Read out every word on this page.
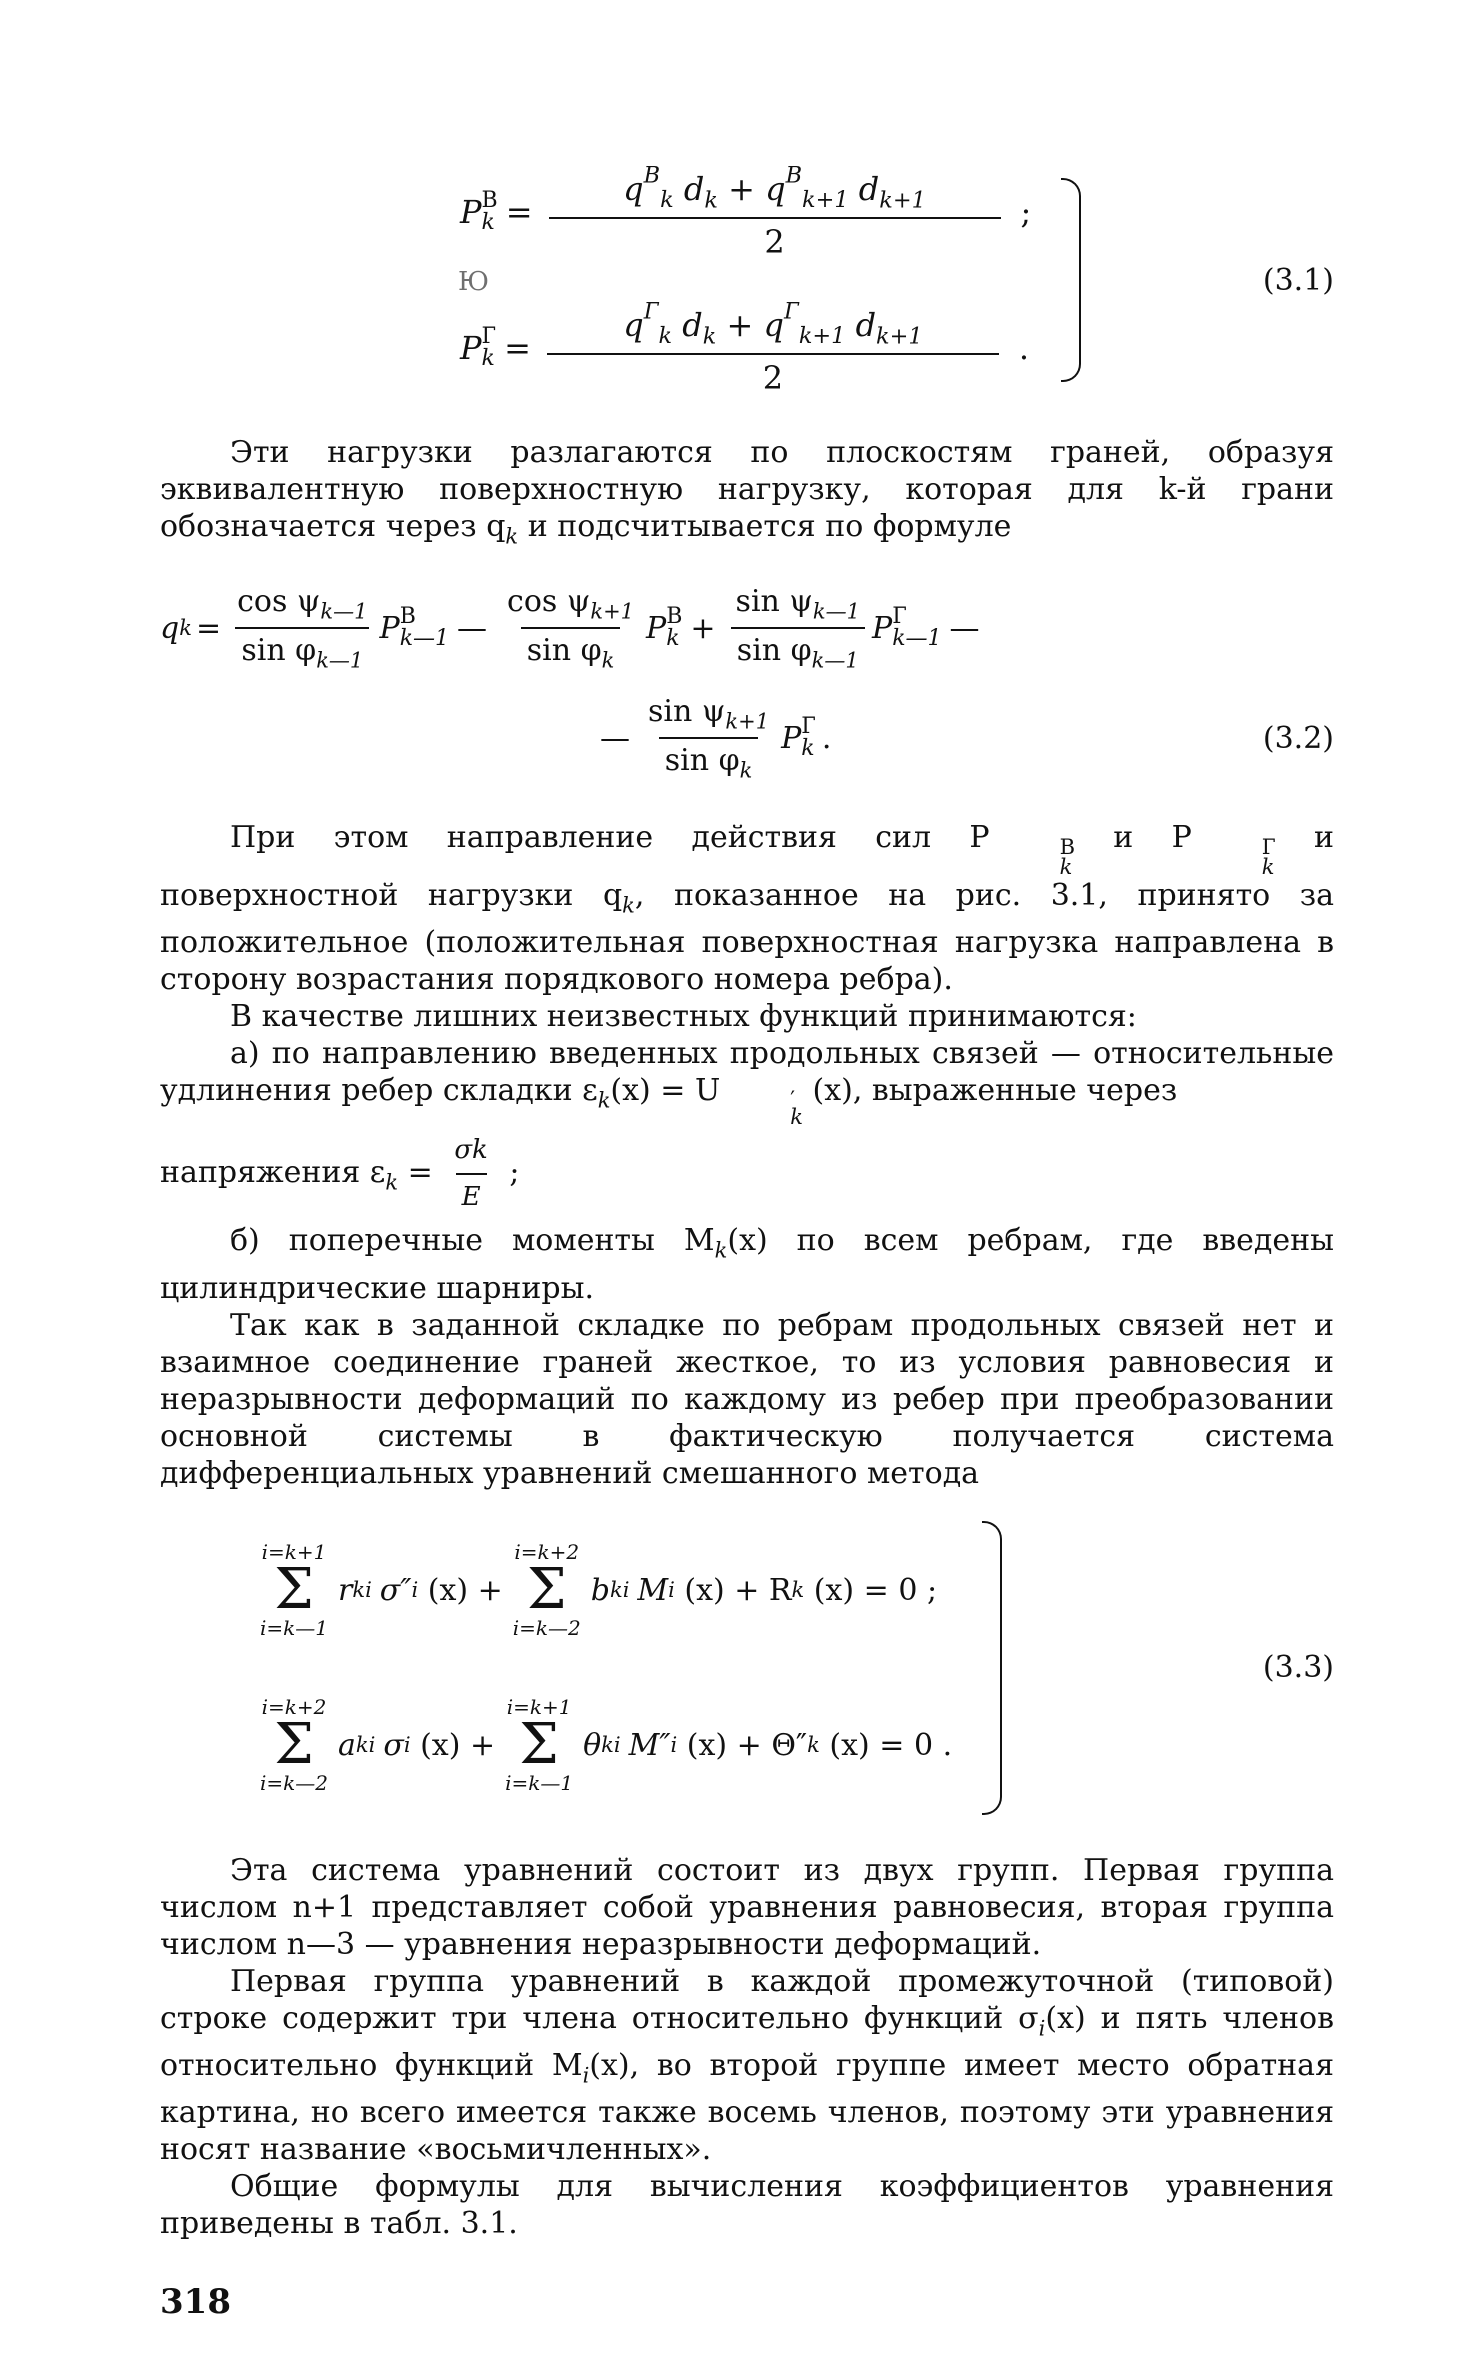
P В
k =
$q_{Вk}$ $d_k + q_{Вk+1}$ $d_{k+1}$
2
;
Ю
P Г
k =
$q_{Гk}$ $d_k + q_{Гk+1}$ $d_{k+1}$
2
.
(3.1)

Эти нагрузки разлагаются по плоскостям граней, образуя эквивалентную поверхностную нагрузку, которая для k-й грани обозначается через $q_k$ и подсчитывается по формуле

q $k = \frac{\cos \psi_{k—1}}{\sin \varphi_{k—1}}$ P В
k—1 — $\frac{\cos \psi_{k+1}}{\sin \varphi_k}$ P В
$k + \frac{\sin \psi_{k—1}}{\sin \varphi_{k—1}}$ P Г
k—1 —
— $\frac{\sin \psi_{k+1}}{\sin \varphi_k}$ P Г
k .	(3.2)

При этом направление действия сил P	В
k
и P	Г
k
и поверхностной нагрузки $q_k$, показанное на рис. 3.1, принято за положительное (положительная поверхностная нагрузка направлена в сторону возрастания порядкового номера ребра).

В качестве лишних неизвестных функций принимаются:

а) по направлению введенных продольных связей — относительные удлинения ребер складки $\varepsilon_k(x) = U$	′
k
(x), выраженные через

напряжения $\varepsilon_k = \frac{\sigma k}{E}$ ;

б) поперечные моменты $M_k(x)$ по всем ребрам, где введены цилиндрические шарниры.

Так как в заданной складке по ребрам продольных связей нет и взаимное соединение граней жесткое, то из условия равновесия и неразрывности деформаций по каждому из ребер при преобразовании основной системы в фактическую получается система дифференциальных уравнений смешанного метода

i=k+1
Σ
i=k—1
r ki σ″ i (x) +
i=k+2
Σ
i=k—2
b ki M i (x) + R k (x) = 0 ;
i=k+2
Σ
i=k—2
a ki σ i (x) +
i=k+1
Σ
i=k—1
θ ki M″ i (x) + Θ″ k (x) = 0 .
(3.3)

Эта система уравнений состоит из двух групп. Первая группа числом n+1 представляет собой уравнения равновесия, вторая группа числом n—3 — уравнения неразрывности деформаций.

Первая группа уравнений в каждой промежуточной (типовой) строке содержит три члена относительно функций $\sigma_i(x)$ и пять членов относительно функций $M_i(x)$, во второй группе имеет место обратная картина, но всего имеется также восемь членов, поэтому эти уравнения носят название «восьмичленных».

Общие формулы для вычисления коэффициентов уравнения приведены в табл. 3.1.

318
